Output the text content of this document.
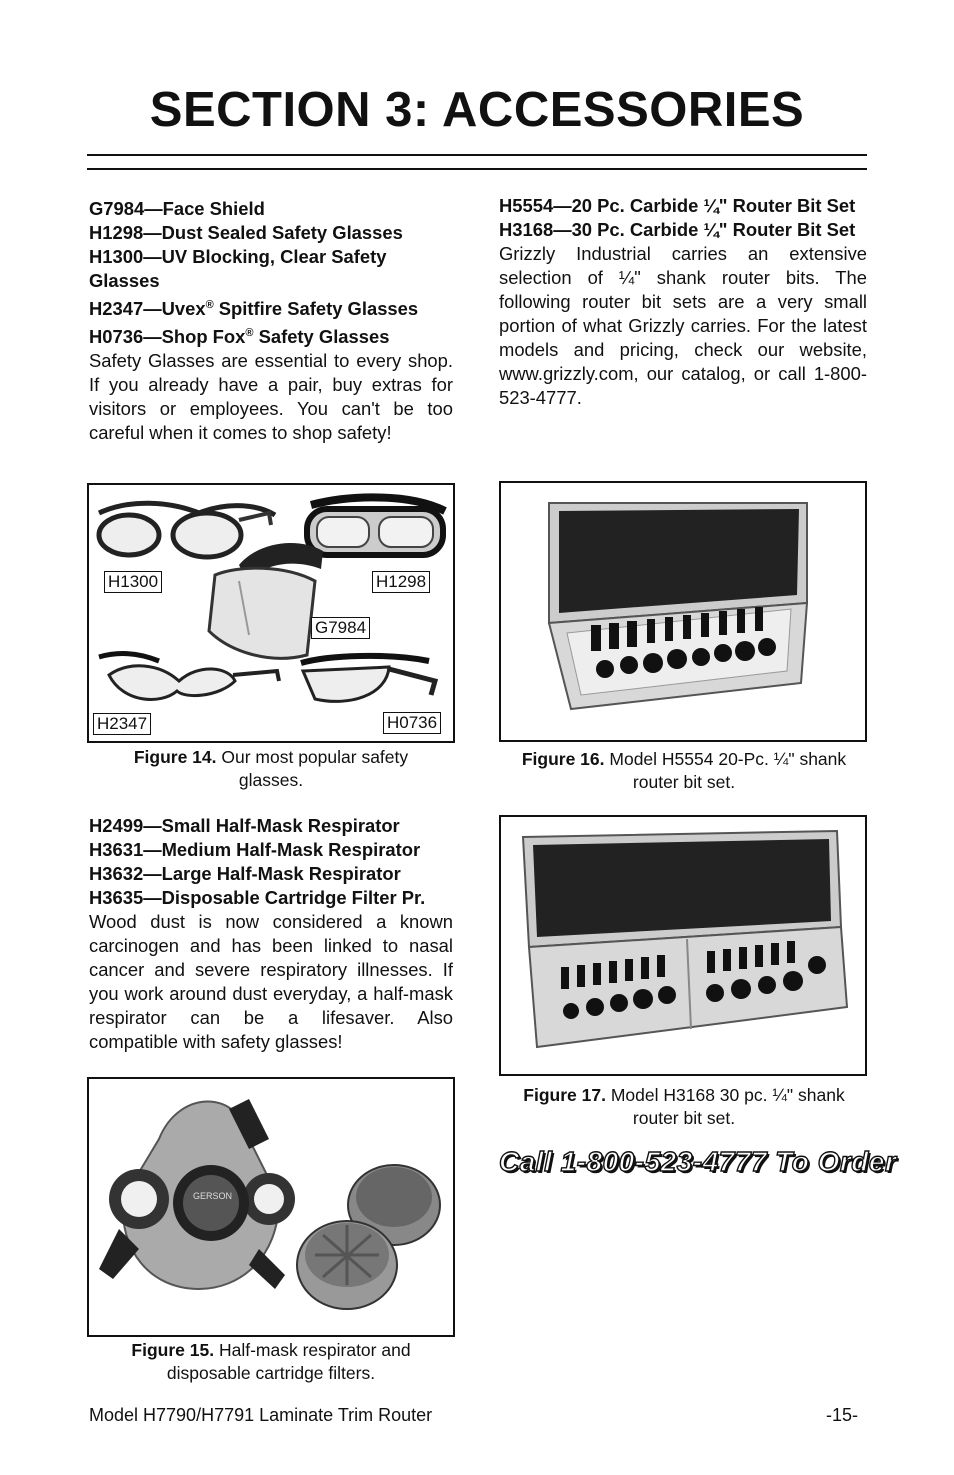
SECTION 3: ACCESSORIES
G7984—Face Shield
H1298—Dust Sealed Safety Glasses
H1300—UV Blocking, Clear Safety Glasses
H2347—Uvex® Spitfire Safety Glasses
H0736—Shop Fox® Safety Glasses

Safety Glasses are essential to every shop. If you already have a pair, buy extras for visitors or employees. You can't be too careful when it comes to shop safety!

H1300	H1298
G7984
H2347	H0736
Figure 14. Our most popular safety glasses.
H2499—Small Half-Mask Respirator
H3631—Medium Half-Mask Respirator
H3632—Large Half-Mask Respirator
H3635—Disposable Cartridge Filter Pr.

Wood dust is now considered a known carcinogen and has been linked to nasal cancer and severe respiratory illnesses. If you work around dust everyday, a half-mask respirator can be a lifesaver. Also compatible with safety glasses!

GERSON
Figure 15. Half-mask respirator and disposable cartridge filters.

H5554—20 Pc. Carbide ¼" Router Bit Set

H3168—30 Pc. Carbide ¼" Router Bit Set

Grizzly Industrial carries an extensive selection of ¼" shank router bits. The following router bit sets are a very small portion of what Grizzly carries. For the latest models and pricing, check our website, www.grizzly.com, our catalog, or call 1-800-523-4777.

Figure 16. Model H5554 20-Pc. ¼" shank router bit set.
Figure 17. Model H3168 30 pc. ¼" shank router bit set.
Call 1-800-523-4777 To Order
Model H7790/H7791 Laminate Trim Router	-15-
